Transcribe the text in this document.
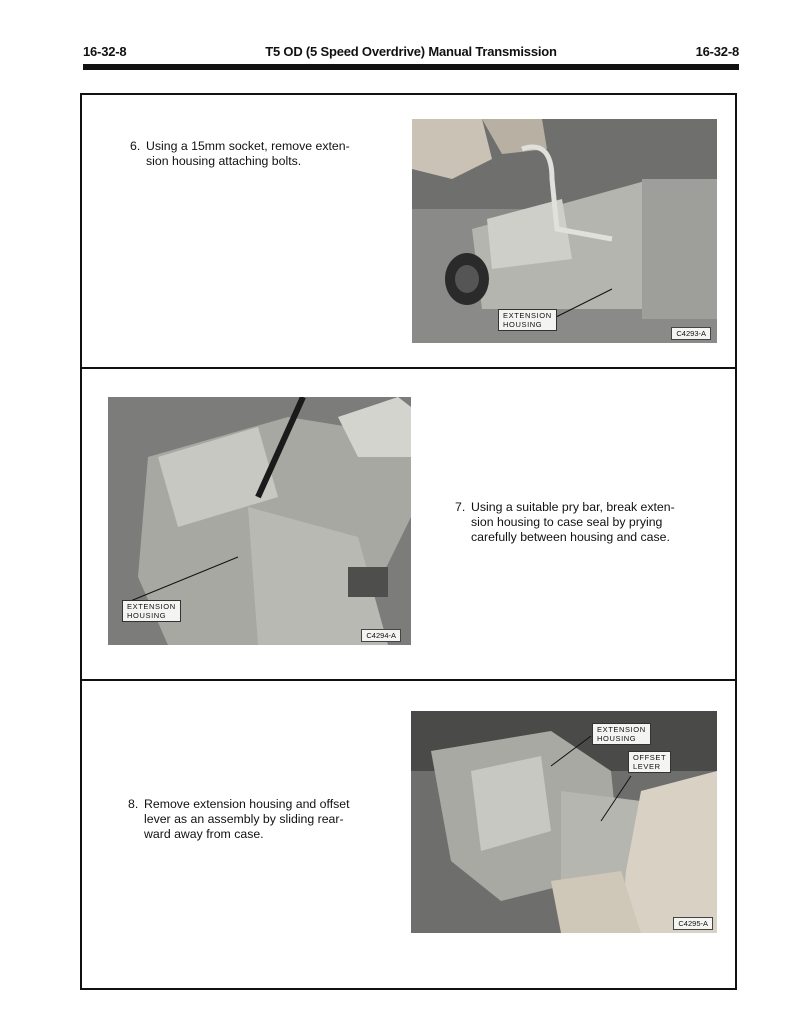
16-32-8	T5 OD (5 Speed Overdrive) Manual Transmission	16-32-8
6. Using a 15mm socket, remove exten-
sion housing attaching bolts.
EXTENSION
HOUSING
C4293-A
EXTENSION
HOUSING
C4294-A
7. Using a suitable pry bar, break exten-
sion housing to case seal by prying
carefully between housing and case.
8. Remove extension housing and offset
lever as an assembly by sliding rear-
ward away from case.
EXTENSION
HOUSING
OFFSET
LEVER
C4295-A
